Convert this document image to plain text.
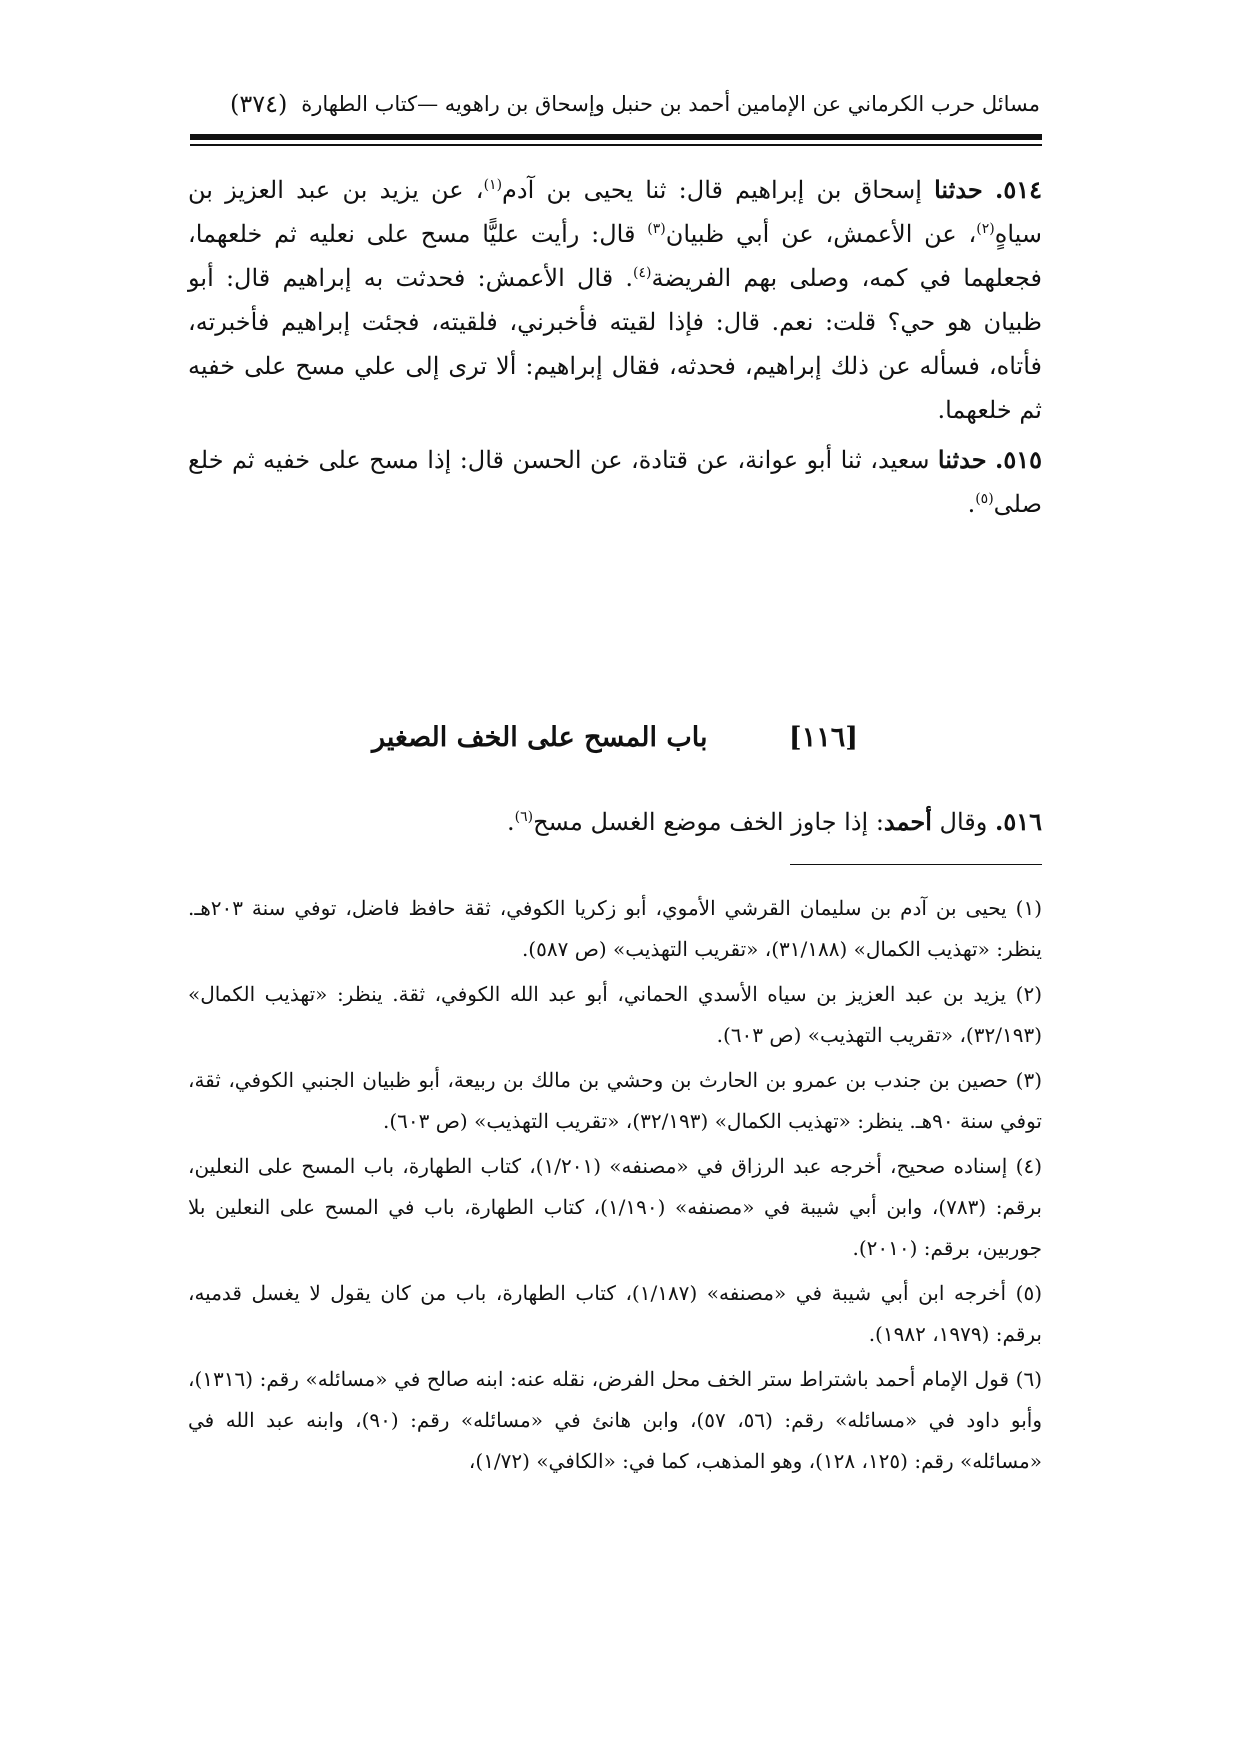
مسائل حرب الكرماني عن الإمامين أحمد بن حنبل وإسحاق بن راهويه —كتاب الطهارة
(٣٧٤)

٥١٤. حدثنا إسحاق بن إبراهيم قال: ثنا يحيى بن آدم$^{(١)}$، عن يزيد بن عبد العزيز بن سياهٍ$^{(٢)}$، عن الأعمش، عن أبي ظبيان$^{(٣)}$ قال: رأيت عليًّا مسح على نعليه ثم خلعهما، فجعلهما في كمه، وصلى بهم الفريضة$^{(٤)}$. قال الأعمش: فحدثت به إبراهيم قال: أبو ظبيان هو حي؟ قلت: نعم. قال: فإذا لقيته فأخبرني، فلقيته، فجئت إبراهيم فأخبرته، فأتاه، فسأله عن ذلك إبراهيم، فحدثه، فقال إبراهيم: ألا ترى إلى علي مسح على خفيه ثم خلعهما.

٥١٥. حدثنا سعيد، ثنا أبو عوانة، عن قتادة، عن الحسن قال: إذا مسح على خفيه ثم خلع صلى$^{(٥)}$.

[١١٦] باب المسح على الخف الصغير

٥١٦. وقال أحمد: إذا جاوز الخف موضع الغسل مسح$^{(٦)}$.

(١) يحيى بن آدم بن سليمان القرشي الأموي، أبو زكريا الكوفي، ثقة حافظ فاضل، توفي سنة ٢٠٣هـ. ينظر: «تهذيب الكمال» (٣١/١٨٨)، «تقريب التهذيب» (ص ٥٨٧).

(٢) يزيد بن عبد العزيز بن سياه الأسدي الحماني، أبو عبد الله الكوفي، ثقة. ينظر: «تهذيب الكمال» (٣٢/١٩٣)، «تقريب التهذيب» (ص ٦٠٣).

(٣) حصين بن جندب بن عمرو بن الحارث بن وحشي بن مالك بن ربيعة، أبو ظبيان الجنبي الكوفي، ثقة، توفي سنة ٩٠هـ. ينظر: «تهذيب الكمال» (٣٢/١٩٣)، «تقريب التهذيب» (ص ٦٠٣).

(٤) إسناده صحيح، أخرجه عبد الرزاق في «مصنفه» (١/٢٠١)، كتاب الطهارة، باب المسح على النعلين، برقم: (٧٨٣)، وابن أبي شيبة في «مصنفه» (١/١٩٠)، كتاب الطهارة، باب في المسح على النعلين بلا جوربين، برقم: (٢٠١٠).

(٥) أخرجه ابن أبي شيبة في «مصنفه» (١/١٨٧)، كتاب الطهارة، باب من كان يقول لا يغسل قدميه، برقم: (١٩٧٩، ١٩٨٢).

(٦) قول الإمام أحمد باشتراط ستر الخف محل الفرض، نقله عنه: ابنه صالح في «مسائله» رقم: (١٣١٦)، وأبو داود في «مسائله» رقم: (٥٦، ٥٧)، وابن هانئ في «مسائله» رقم: (٩٠)، وابنه عبد الله في «مسائله» رقم: (١٢٥، ١٢٨)، وهو المذهب، كما في: «الكافي» (١/٧٢)،
